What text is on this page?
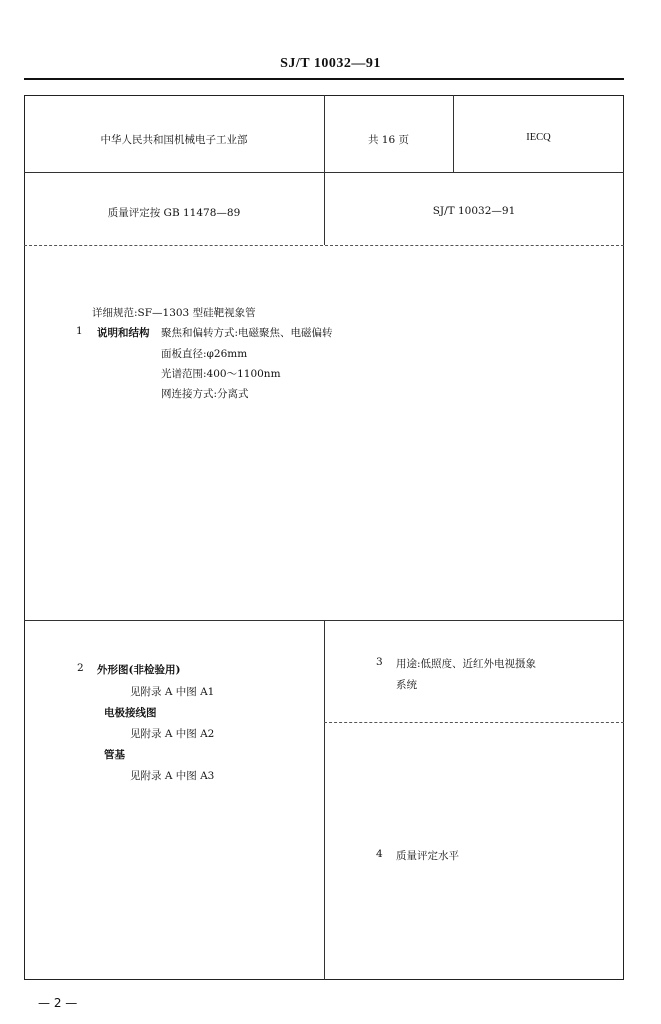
SJ/T 10032—91
中华人民共和国机械电子工业部	共 16 页	IECQ
质量评定按 GB 11478—89	SJ/T 10032—91
详细规范:SF—1303 型硅靶视象管
1 说明和结构 聚焦和偏转方式:电磁聚焦、电磁偏转
面板直径:φ26mm
光谱范围:400～1100nm
网连接方式:分离式
2 外形图(非检验用)
见附录 A 中图 A1
电极接线图
见附录 A 中图 A2
管基
见附录 A 中图 A3
3 用途:低照度、近红外电视摄象
系统
4 质量评定水平
— 2 —
